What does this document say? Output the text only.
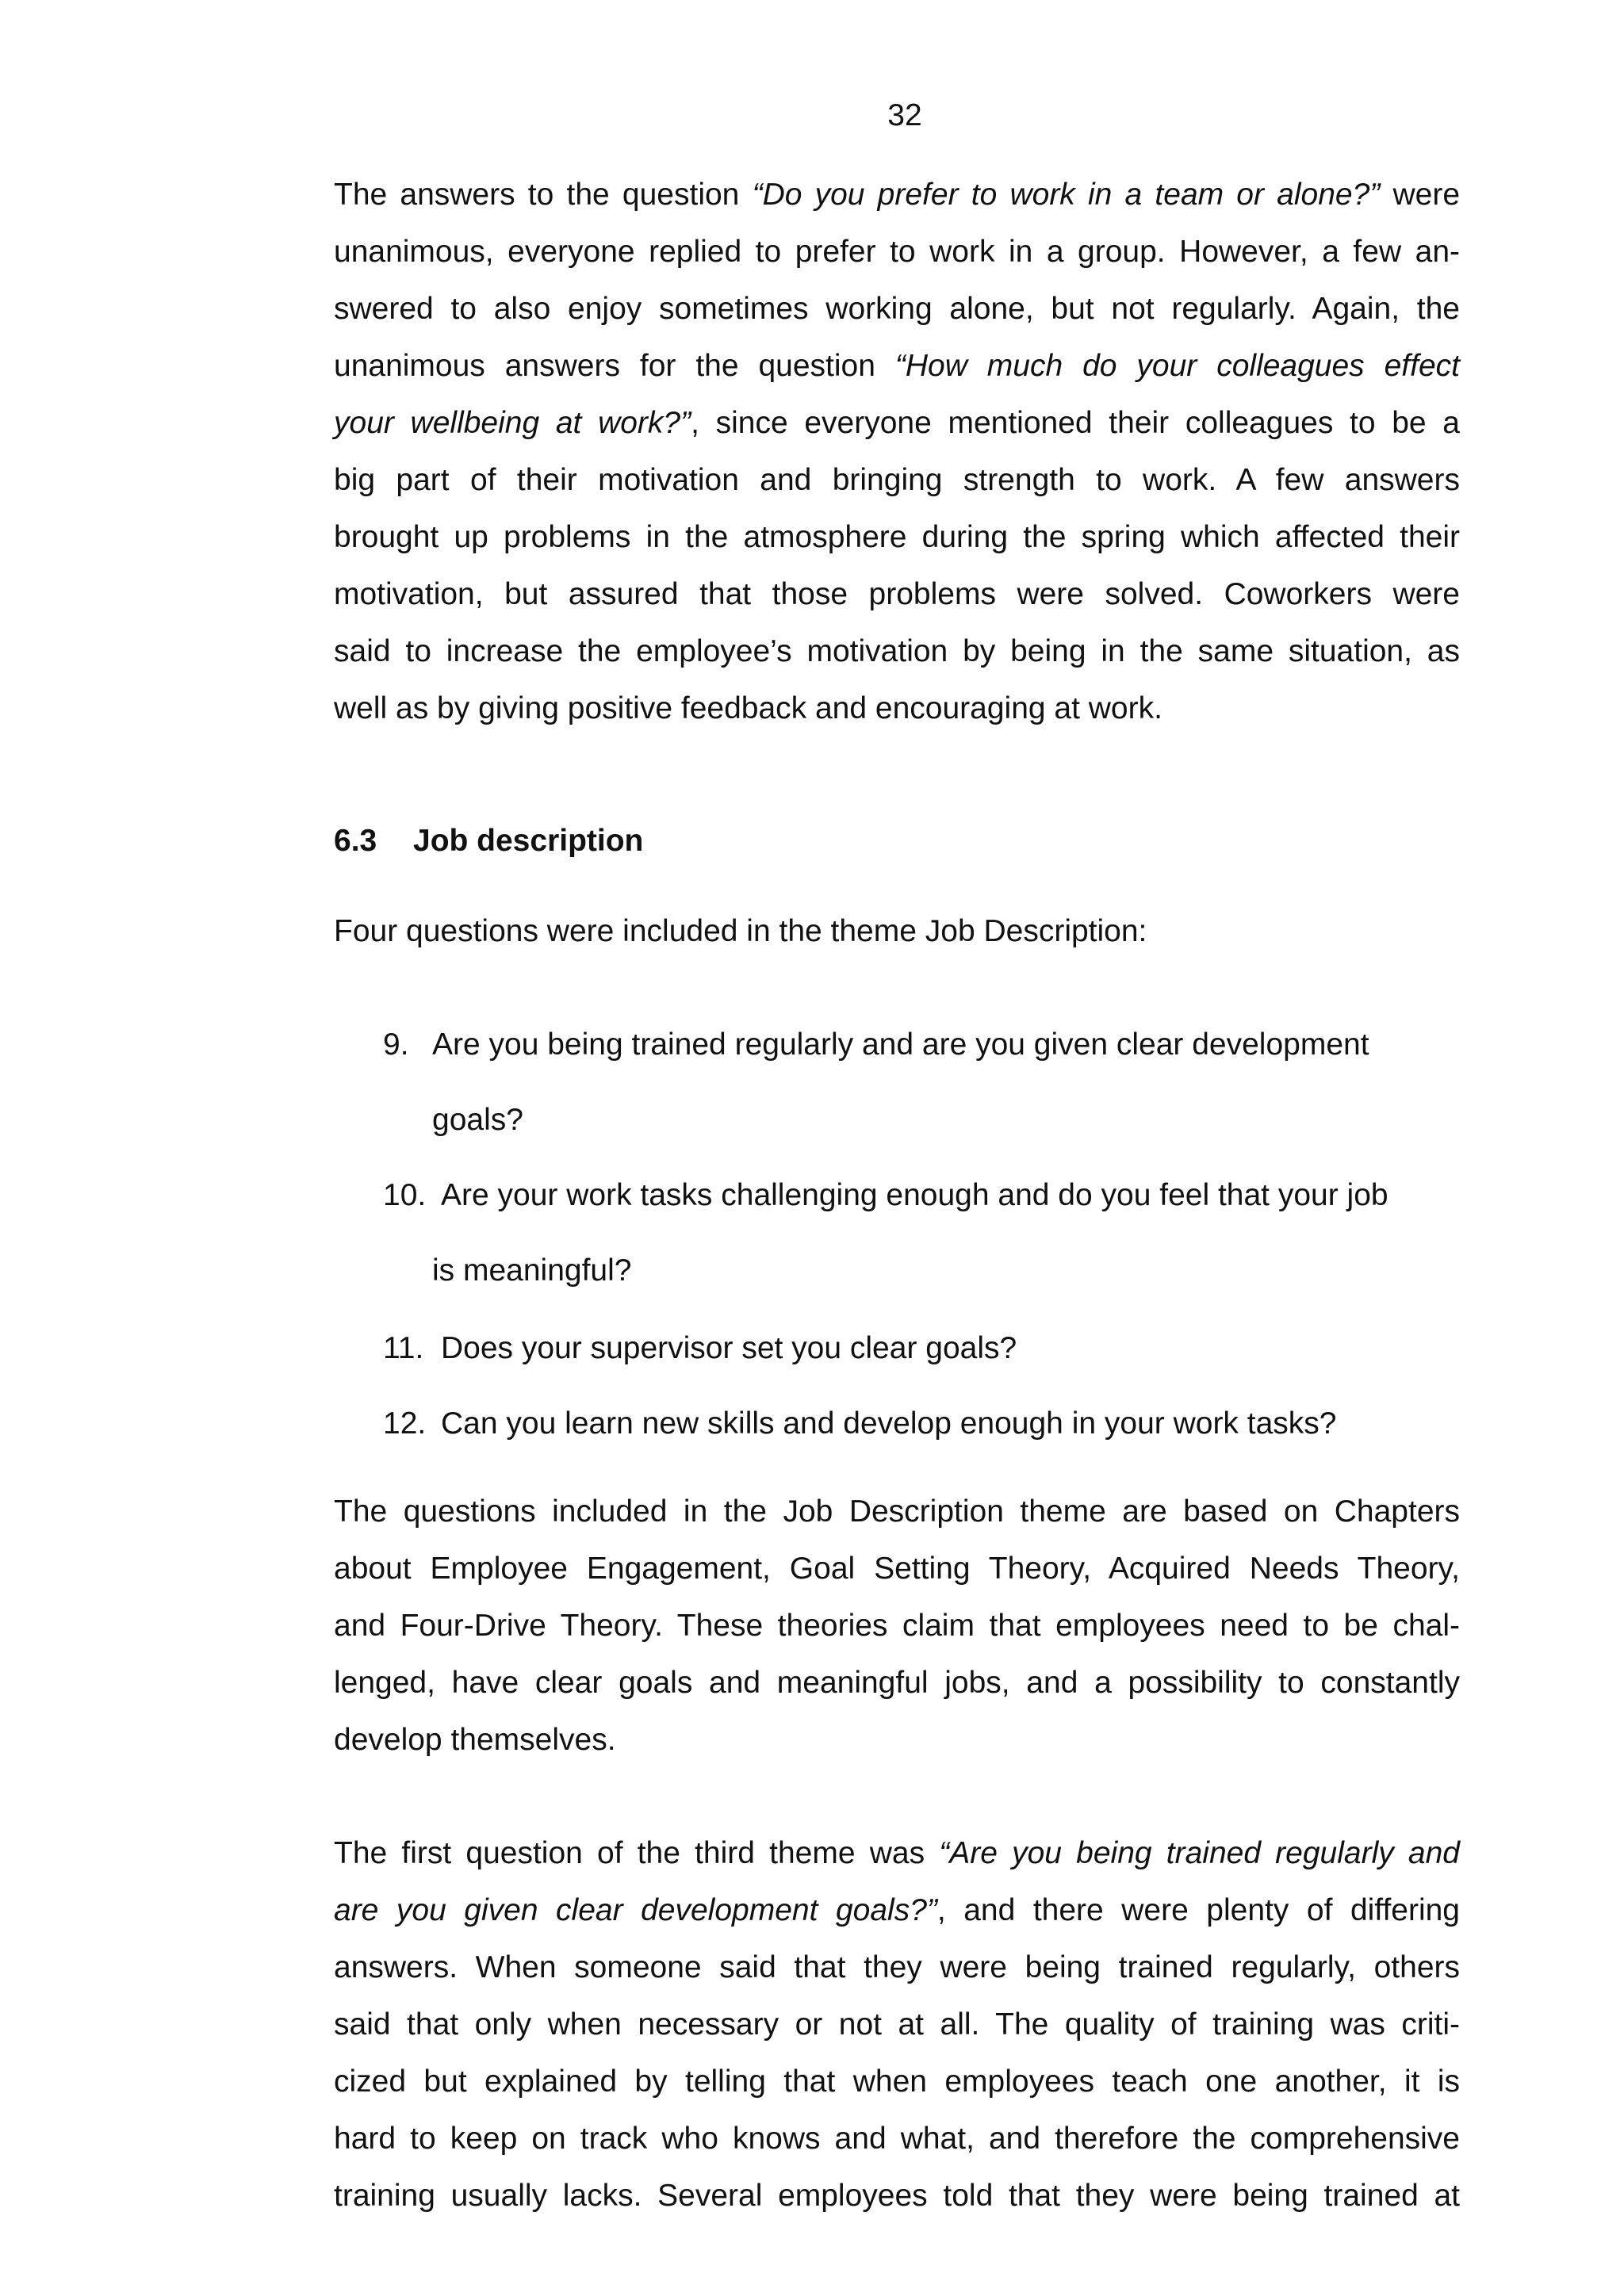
32
The answers to the question “Do you prefer to work in a team or alone?” were
unanimous, everyone replied to prefer to work in a group. However, a few an-
swered to also enjoy sometimes working alone, but not regularly. Again, the
unanimous answers for the question “How much do your colleagues effect
your wellbeing at work?”, since everyone mentioned their colleagues to be a
big part of their motivation and bringing strength to work. A few answers
brought up problems in the atmosphere during the spring which affected their
motivation, but assured that those problems were solved. Coworkers were
said to increase the employee’s motivation by being in the same situation, as
well as by giving positive feedback and encouraging at work.
6.3 Job description
Four questions were included in the theme Job Description:
9. Are you being trained regularly and are you given clear development
goals?
10. Are your work tasks challenging enough and do you feel that your job
is meaningful?
11. Does your supervisor set you clear goals?
12. Can you learn new skills and develop enough in your work tasks?
The questions included in the Job Description theme are based on Chapters
about Employee Engagement, Goal Setting Theory, Acquired Needs Theory,
and Four-Drive Theory. These theories claim that employees need to be chal-
lenged, have clear goals and meaningful jobs, and a possibility to constantly
develop themselves.
The first question of the third theme was “Are you being trained regularly and
are you given clear development goals?”, and there were plenty of differing
answers. When someone said that they were being trained regularly, others
said that only when necessary or not at all. The quality of training was criti-
cized but explained by telling that when employees teach one another, it is
hard to keep on track who knows and what, and therefore the comprehensive
training usually lacks. Several employees told that they were being trained at
